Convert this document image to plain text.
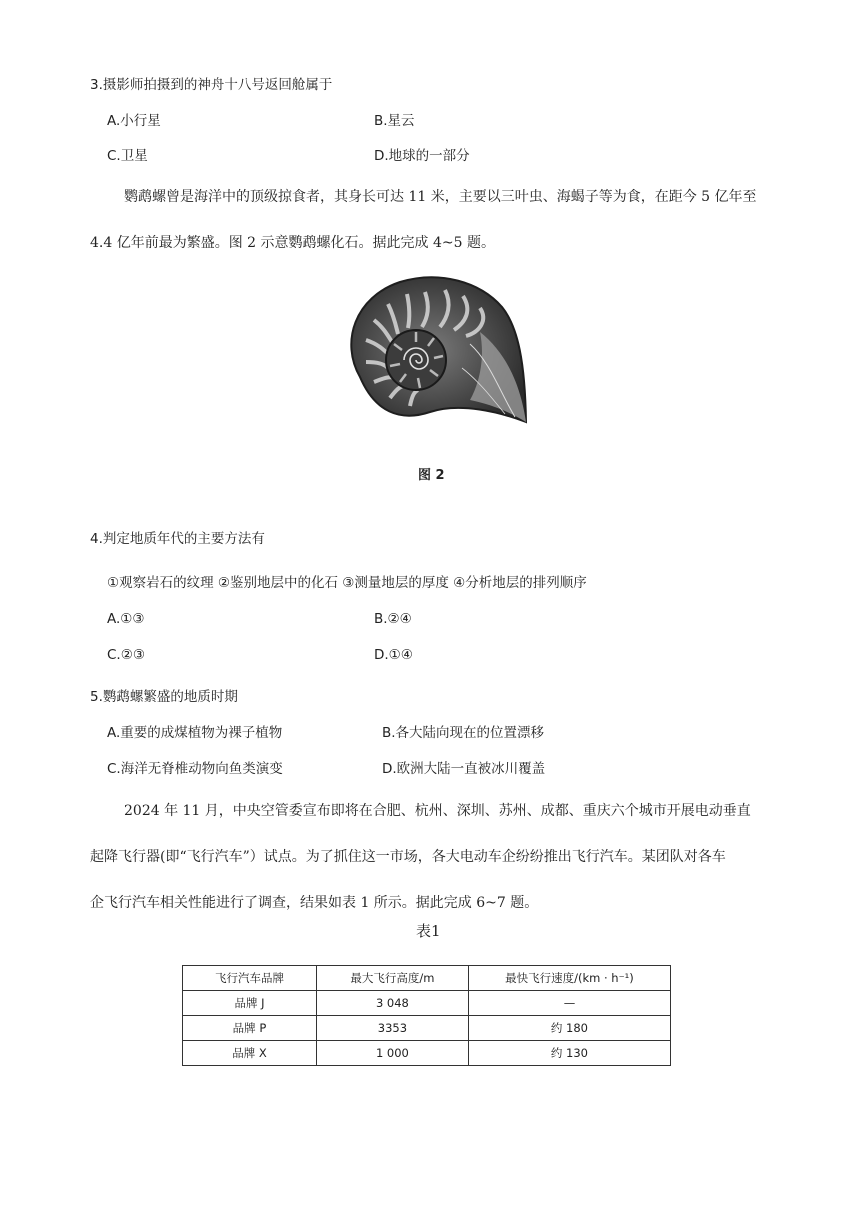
3.摄影师拍摄到的神舟十八号返回舱属于
A.小行星	B.星云
C.卫星	D.地球的一部分
鹦鹉螺曾是海洋中的顶级掠食者，其身长可达 11 米，主要以三叶虫、海蝎子等为食，在距今 5 亿年至
4.4 亿年前最为繁盛。图 2 示意鹦鹉螺化石。据此完成 4~5 题。
图 2
4.判定地质年代的主要方法有
①观察岩石的纹理 ②鉴别地层中的化石 ③测量地层的厚度 ④分析地层的排列顺序
A.①③	B.②④
C.②③	D.①④
5.鹦鹉螺繁盛的地质时期
A.重要的成煤植物为裸子植物	B.各大陆向现在的位置漂移
C.海洋无脊椎动物向鱼类演变	D.欧洲大陆一直被冰川覆盖
2024 年 11 月，中央空管委宣布即将在合肥、杭州、深圳、苏州、成都、重庆六个城市开展电动垂直
起降飞行器(即“飞行汽车”）试点。为了抓住这一市场，各大电动车企纷纷推出飞行汽车。某团队对各车
企飞行汽车相关性能进行了调查，结果如表 1 所示。据此完成 6~7 题。
表1
飞行汽车品牌	最大飞行高度/m	最快飞行速度/(km · h⁻¹)
品牌 J	3 048	—
品牌 P	3353	约 180
品牌 X	1 000	约 130
